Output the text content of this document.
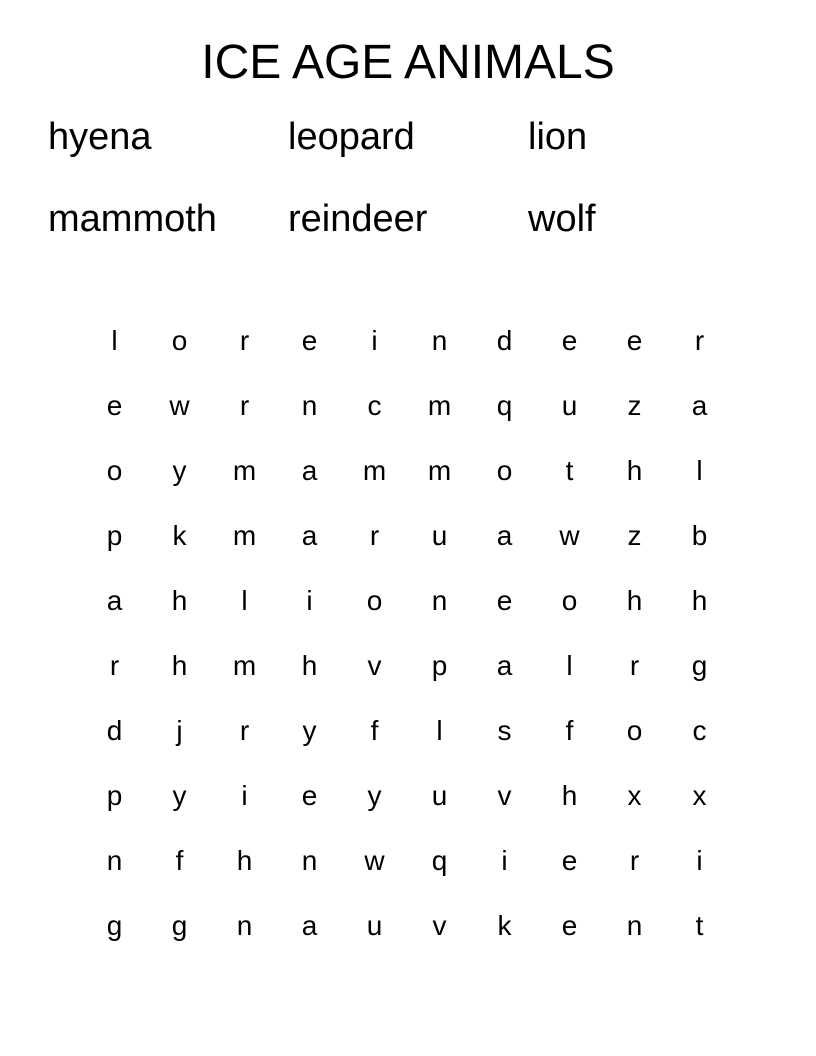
ICE AGE ANIMALS
hyena	leopard	lion
mammoth reindeer	wolf
l	o	r	e	i	n	d	e	e	r
e	w	r	n	c	m	q	u	z	a
o	y	m	a	m	m	o	t	h	l
p	k	m	a	r	u	a	w	z	b
a	h	l	i	o	n	e	o	h	h
r	h	m	h	v	p	a	l	r	g
d	j	r	y	f	l	s	f	o	c
p	y	i	e	y	u	v	h	x	x
n	f	h	n	w	q	i	e	r	i
g	g	n	a	u	v	k	e	n	t
